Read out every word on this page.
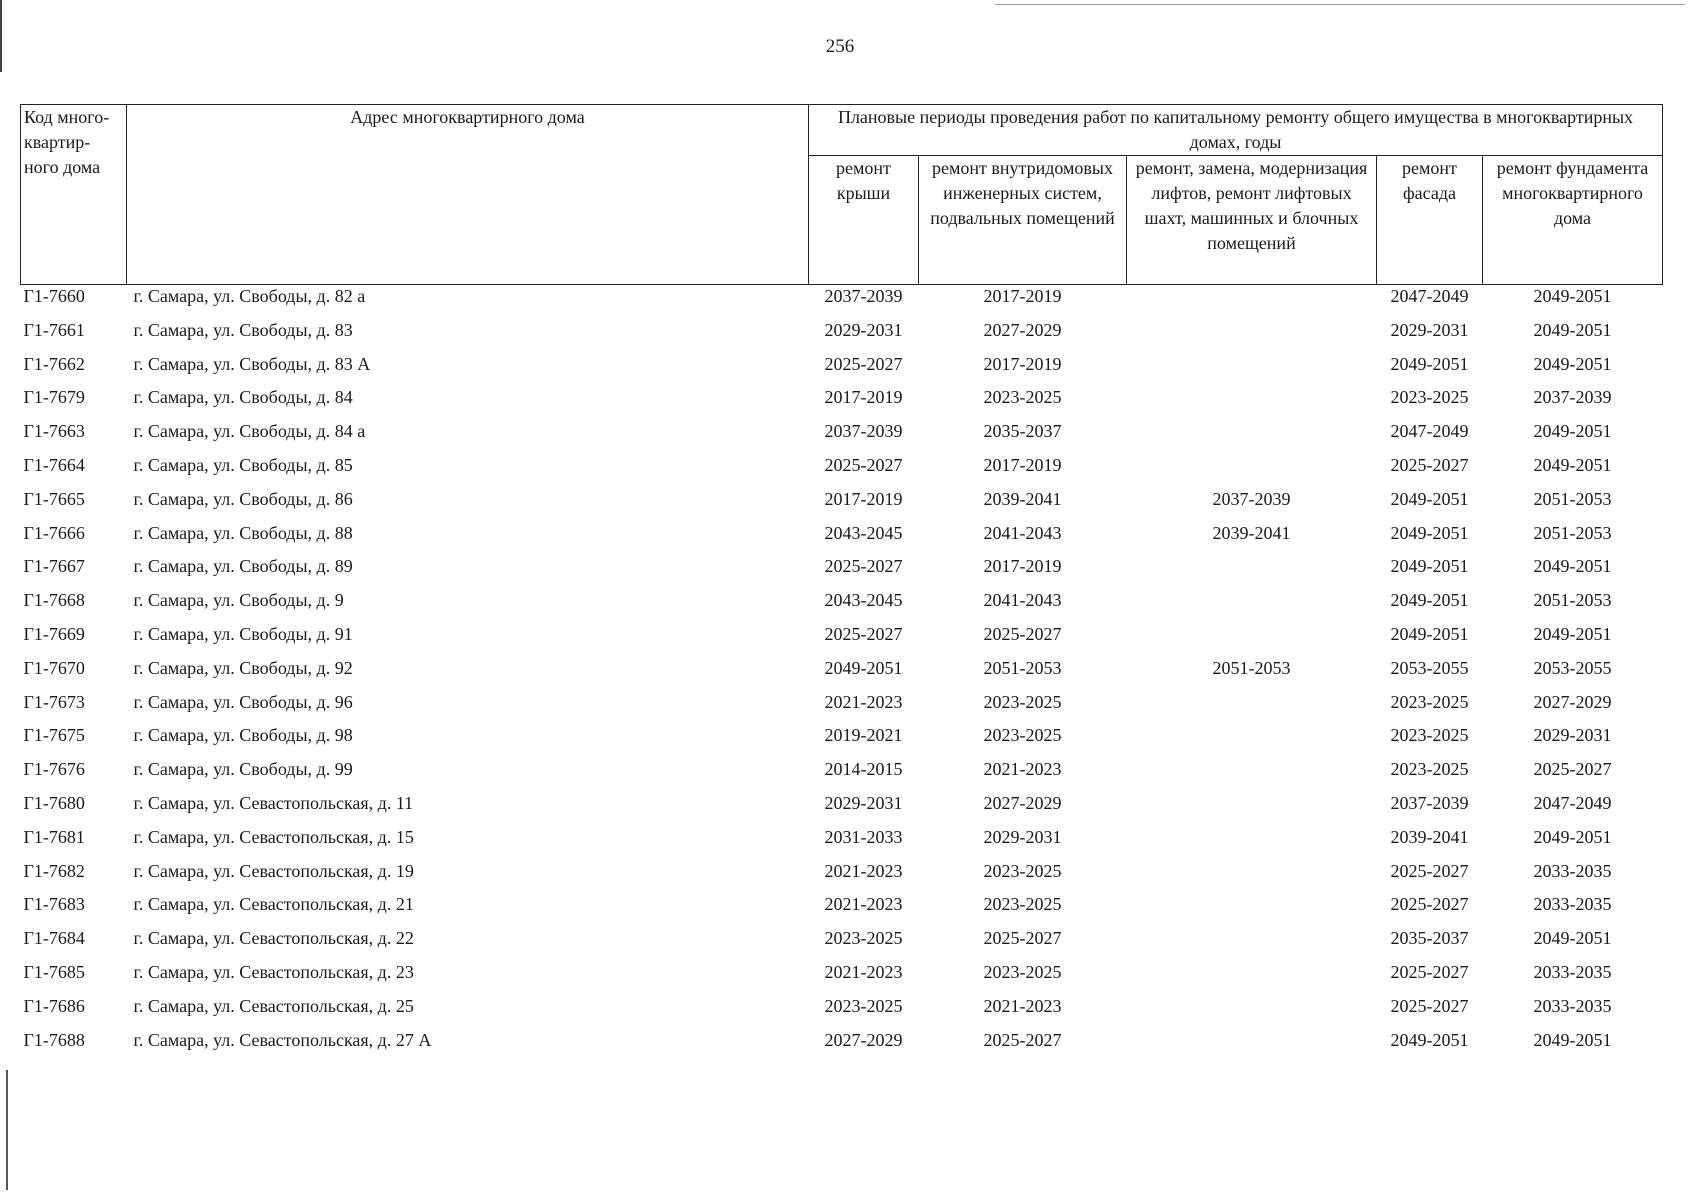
256
Код много-квартир-ного дома	Адрес многоквартирного дома	Плановые периоды проведения работ по капитальному ремонту общего имущества в многоквартирных домах, годы				
		ремонт крыши	ремонт внутридомовых инженерных систем, подвальных помещений	ремонт, замена, модернизация лифтов, ремонт лифтовых шахт, машинных и блочных помещений	ремонт фасада	ремонт фундамента многоквартирного дома
Г1-7660	г. Самара, ул. Свободы, д. 82 а	2037-2039	2017-2019		2047-2049	2049-2051
Г1-7661	г. Самара, ул. Свободы, д. 83	2029-2031	2027-2029		2029-2031	2049-2051
Г1-7662	г. Самара, ул. Свободы, д. 83 А	2025-2027	2017-2019		2049-2051	2049-2051
Г1-7679	г. Самара, ул. Свободы, д. 84	2017-2019	2023-2025		2023-2025	2037-2039
Г1-7663	г. Самара, ул. Свободы, д. 84 а	2037-2039	2035-2037		2047-2049	2049-2051
Г1-7664	г. Самара, ул. Свободы, д. 85	2025-2027	2017-2019		2025-2027	2049-2051
Г1-7665	г. Самара, ул. Свободы, д. 86	2017-2019	2039-2041	2037-2039	2049-2051	2051-2053
Г1-7666	г. Самара, ул. Свободы, д. 88	2043-2045	2041-2043	2039-2041	2049-2051	2051-2053
Г1-7667	г. Самара, ул. Свободы, д. 89	2025-2027	2017-2019		2049-2051	2049-2051
Г1-7668	г. Самара, ул. Свободы, д. 9	2043-2045	2041-2043		2049-2051	2051-2053
Г1-7669	г. Самара, ул. Свободы, д. 91	2025-2027	2025-2027		2049-2051	2049-2051
Г1-7670	г. Самара, ул. Свободы, д. 92	2049-2051	2051-2053	2051-2053	2053-2055	2053-2055
Г1-7673	г. Самара, ул. Свободы, д. 96	2021-2023	2023-2025		2023-2025	2027-2029
Г1-7675	г. Самара, ул. Свободы, д. 98	2019-2021	2023-2025		2023-2025	2029-2031
Г1-7676	г. Самара, ул. Свободы, д. 99	2014-2015	2021-2023		2023-2025	2025-2027
Г1-7680	г. Самара, ул. Севастопольская, д. 11	2029-2031	2027-2029		2037-2039	2047-2049
Г1-7681	г. Самара, ул. Севастопольская, д. 15	2031-2033	2029-2031		2039-2041	2049-2051
Г1-7682	г. Самара, ул. Севастопольская, д. 19	2021-2023	2023-2025		2025-2027	2033-2035
Г1-7683	г. Самара, ул. Севастопольская, д. 21	2021-2023	2023-2025		2025-2027	2033-2035
Г1-7684	г. Самара, ул. Севастопольская, д. 22	2023-2025	2025-2027		2035-2037	2049-2051
Г1-7685	г. Самара, ул. Севастопольская, д. 23	2021-2023	2023-2025		2025-2027	2033-2035
Г1-7686	г. Самара, ул. Севастопольская, д. 25	2023-2025	2021-2023		2025-2027	2033-2035
Г1-7688	г. Самара, ул. Севастопольская, д. 27 А	2027-2029	2025-2027		2049-2051	2049-2051
